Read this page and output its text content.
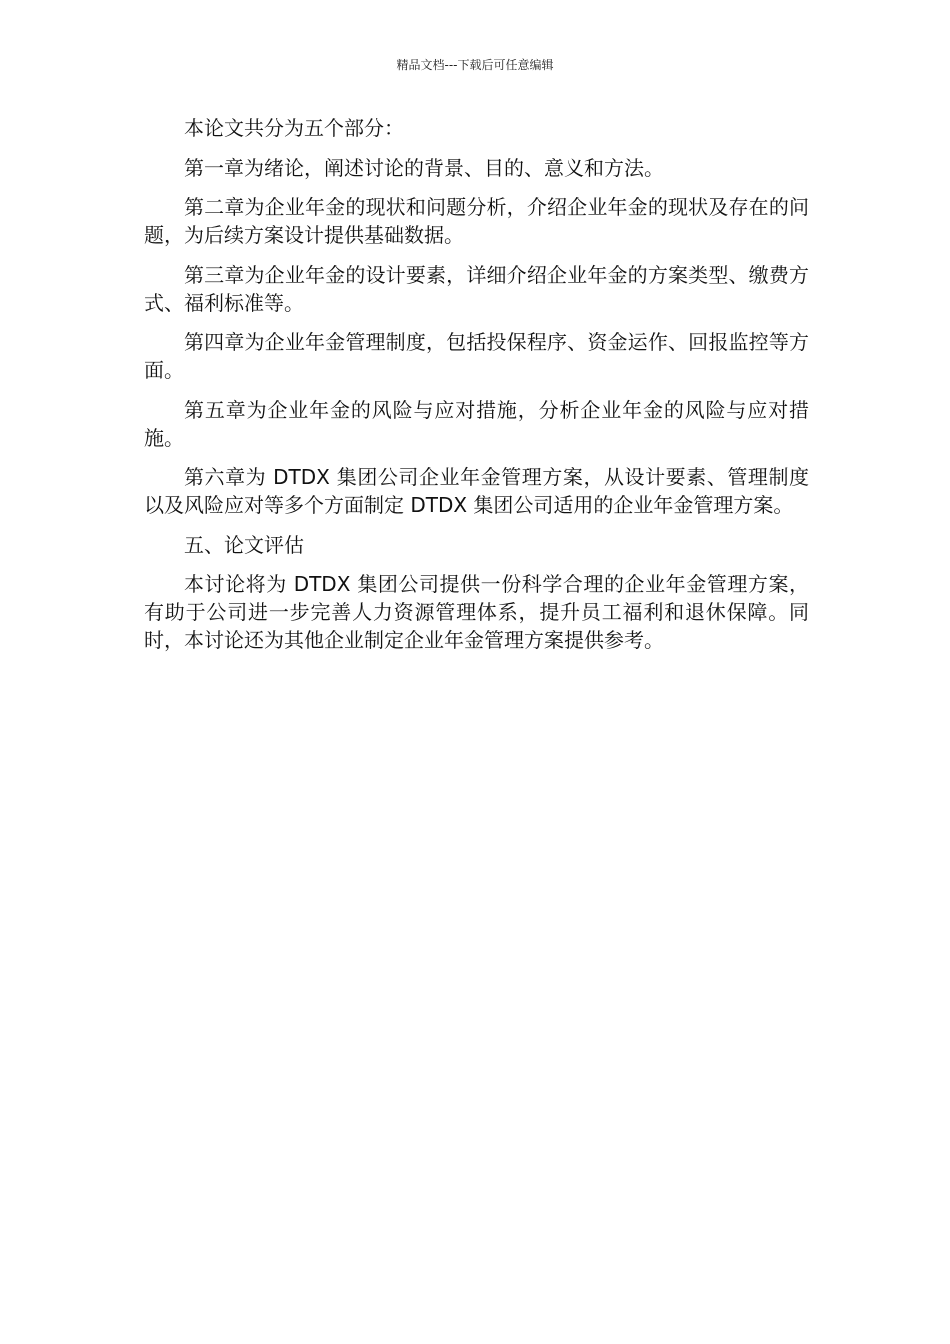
精品文档---下载后可任意编辑

本论文共分为五个部分：

第一章为绪论，阐述讨论的背景、目的、意义和方法。

第二章为企业年金的现状和问题分析，介绍企业年金的现状及存在的问题，为后续方案设计提供基础数据。

第三章为企业年金的设计要素，详细介绍企业年金的方案类型、缴费方式、福利标准等。

第四章为企业年金管理制度，包括投保程序、资金运作、回报监控等方面。

第五章为企业年金的风险与应对措施，分析企业年金的风险与应对措施。

第六章为 DTDX 集团公司企业年金管理方案，从设计要素、管理制度以及风险应对等多个方面制定 DTDX 集团公司适用的企业年金管理方案。

五、论文评估

本讨论将为 DTDX 集团公司提供一份科学合理的企业年金管理方案，有助于公司进一步完善人力资源管理体系，提升员工福利和退休保障。同时，本讨论还为其他企业制定企业年金管理方案提供参考。
